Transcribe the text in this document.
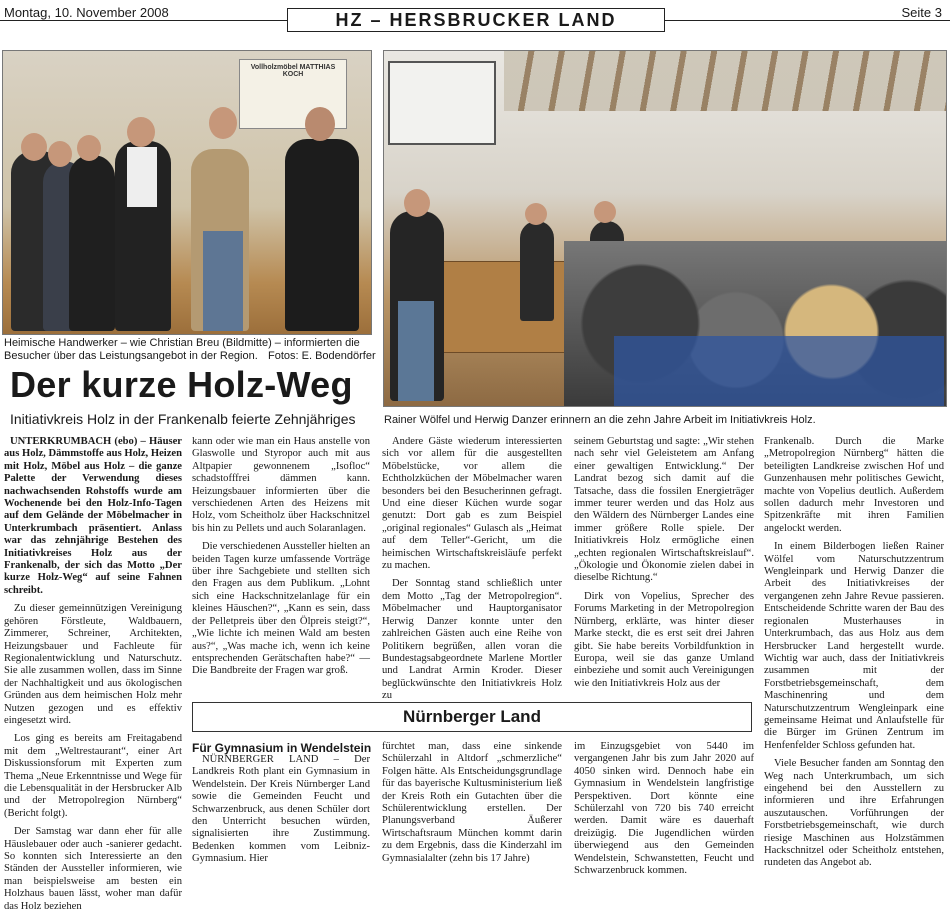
Montag, 10. November 2008	HZ – HERSBRUCKER LAND	Seite 3
Vollholzmöbel MATTHIAS KOCH
Heimische Handwerker – wie Christian Breu (Bildmitte) – informierten die Besucher über das Leistungsangebot in der Region. Fotos: E. Bodendörfer
Rainer Wölfel und Herwig Danzer erinnern an die zehn Jahre Arbeit im Initiativkreis Holz.
Der kurze Holz-Weg
Initiativkreis Holz in der Frankenalb feierte Zehnjähriges

UNTERKRUMBACH (ebo) – Häuser aus Holz, Dämmstoffe aus Holz, Heizen mit Holz, Möbel aus Holz – die ganze Palette der Verwendung dieses nachwachsenden Rohstoffs wurde am Wochenende bei den Holz-Info-Tagen auf dem Gelände der Möbelmacher in Unterkrumbach präsentiert. Anlass war das zehnjährige Bestehen des Initiativkreises Holz aus der Frankenalb, der sich das Motto „Der kurze Holz-Weg“ auf seine Fahnen schreibt.

Zu dieser gemeinnützigen Vereinigung gehören Förstleute, Waldbauern, Zimmerer, Schreiner, Architekten, Heizungsbauer und Fachleute für Regionalentwicklung und Naturschutz. Sie alle zusammen wollen, dass im Sinne der Nachhaltigkeit und aus ökologischen Gründen aus dem heimischen Holz mehr Nutzen gezogen und es effektiv eingesetzt wird.

Los ging es bereits am Freitagabend mit dem „Weltrestaurant“, einer Art Diskussionsforum mit Experten zum Thema „Neue Erkenntnisse und Wege für die Lebensqualität in der Hersbrucker Alb und der Metropolregion Nürnberg“ (Bericht folgt).

Der Samstag war dann eher für alle Häuslebauer oder auch -sanierer gedacht. So konnten sich Interessierte an den Ständen der Aussteller informieren, wie man beispielsweise am besten ein Holzhaus bauen lässt, woher man dafür das Holz beziehen

kann oder wie man ein Haus anstelle von Glaswolle und Styropor auch mit aus Altpapier gewonnenem „Isofloc“ schadstofffrei dämmen kann. Heizungsbauer informierten über die verschiedenen Arten des Heizens mit Holz, vom Scheitholz über Hackschnitzel bis hin zu Pellets und auch Solaranlagen.

Die verschiedenen Aussteller hielten an beiden Tagen kurze umfassende Vorträge über ihre Sachgebiete und stellten sich den Fragen aus dem Publikum. „Lohnt sich eine Hackschnitzelanlage für ein kleines Häuschen?“, „Kann es sein, dass der Pelletpreis über den Ölpreis steigt?“, „Wie lichte ich meinen Wald am besten aus?“, „Was mache ich, wenn ich keine entsprechenden Gerätschaften habe?“ — Die Bandbreite der Fragen war groß.

Andere Gäste wiederum interessierten sich vor allem für die ausgestellten Möbelstücke, vor allem die Echtholzküchen der Möbelmacher waren besonders bei den Besucherinnen gefragt. Und eine dieser Küchen wurde sogar genutzt: Dort gab es zum Beispiel „original regionales“ Gulasch als „Heimat auf dem Teller“-Gericht, um die heimischen Wirtschaftskreisläufe perfekt zu machen.

Der Sonntag stand schließlich unter dem Motto „Tag der Metropolregion“. Möbelmacher und Hauptorganisator Herwig Danzer konnte unter den zahlreichen Gästen auch eine Reihe von Politikern begrüßen, allen voran die Bundestagsabgeordnete Marlene Mortler und Landrat Armin Kroder. Dieser beglückwünschte den Initiativkreis Holz zu

seinem Geburtstag und sagte: „Wir stehen nach sehr viel Geleistetem am Anfang einer gewaltigen Entwicklung.“ Der Landrat bezog sich damit auf die Tatsache, dass die fossilen Energieträger immer teurer werden und das Holz aus den Wäldern des Nürnberger Landes eine immer größere Rolle spiele. Der Initiativkreis Holz ermögliche einen „echten regionalen Wirtschaftskreislauf“. „Ökologie und Ökonomie zielen dabei in dieselbe Richtung.“

Dirk von Vopelius, Sprecher des Forums Marketing in der Metropolregion Nürnberg, erklärte, was hinter dieser Marke steckt, die es erst seit drei Jahren gibt. Sie habe bereits Vorbildfunktion in Europa, weil sie das ganze Umland einbeziehe und somit auch Vereinigungen wie den Initiativkreis Holz aus der

Frankenalb. Durch die Marke „Metropolregion Nürnberg“ hätten die beteiligten Landkreise zwischen Hof und Gunzenhausen mehr politisches Gewicht, machte von Vopelius deutlich. Außerdem sollen dadurch mehr Investoren und Spitzenkräfte mit ihren Familien angelockt werden.

In einem Bilderbogen ließen Rainer Wölfel vom Naturschutzzentrum Wengleinpark und Herwig Danzer die Arbeit des Initiativkreises der vergangenen zehn Jahre Revue passieren. Entscheidende Schritte waren der Bau des regionalen Musterhauses in Unterkrumbach, das aus Holz aus dem Hersbrucker Land hergestellt wurde. Wichtig war auch, dass der Initiativkreis zusammen mit der Forstbetriebsgemeinschaft, dem Maschinenring und dem Naturschutzzentrum Wengleinpark eine gemeinsame Heimat und Anlaufstelle für die Bürger im Grünen Zentrum im Henfenfelder Schloss gefunden hat.

Viele Besucher fanden am Sonntag den Weg nach Unterkrumbach, um sich eingehend bei den Ausstellern zu informieren und ihre Erfahrungen auszutauschen. Vorführungen der Forstbetriebsgemeinschaft, wie durch riesige Maschinen aus Holzstämmen Hackschnitzel oder Scheitholz entstehen, rundeten das Angebot ab.

Nürnberger Land
Für Gymnasium in Wendelstein

NÜRNBERGER LAND – Der Landkreis Roth plant ein Gymnasium in Wendelstein. Der Kreis Nürnberger Land sowie die Gemeinden Feucht und Schwarzenbruck, aus denen Schüler dort den Unterricht besuchen würden, signalisierten ihre Zustimmung. Bedenken kommen vom Leibniz-Gymnasium. Hier

fürchtet man, dass eine sinkende Schülerzahl in Altdorf „schmerzliche“ Folgen hätte. Als Entscheidungsgrundlage für das bayerische Kultusministerium ließ der Kreis Roth ein Gutachten über die Schülerentwicklung erstellen. Der Planungsverband Äußerer Wirtschaftsraum München kommt darin zu dem Ergebnis, dass die Kinderzahl im Gymnasialalter (zehn bis 17 Jahre)

im Einzugsgebiet von 5440 im vergangenen Jahr bis zum Jahr 2020 auf 4050 sinken wird. Dennoch habe ein Gymnasium in Wendelstein langfristige Perspektiven. Dort könnte eine Schülerzahl von 720 bis 740 erreicht werden. Damit wäre es dauerhaft dreizügig. Die Jugendlichen würden überwiegend aus den Gemeinden Wendelstein, Schwanstetten, Feucht und Schwarzenbruck kommen.
